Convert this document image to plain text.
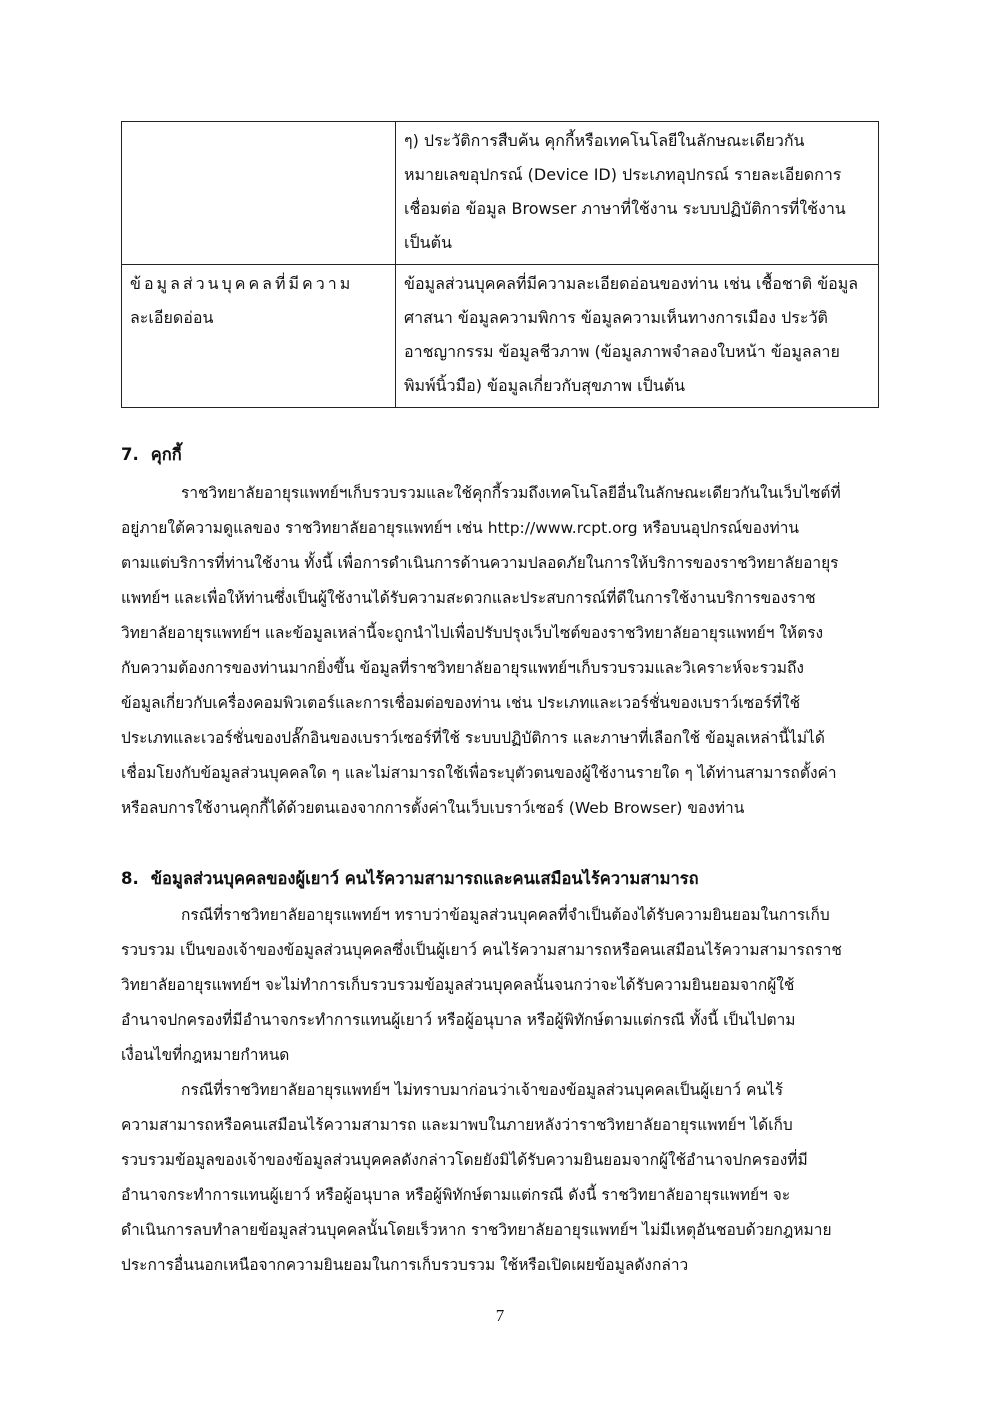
	ๆ) ประวัติการสืบค้น คุกกี้หรือเทคโนโลยีในลักษณะเดียวกัน
หมายเลขอุปกรณ์ (Device ID) ประเภทอุปกรณ์ รายละเอียดการ
เชื่อมต่อ ข้อมูล Browser ภาษาที่ใช้งาน ระบบปฏิบัติการที่ใช้งาน
เป็นต้น

ข้อมูลส่วนบุคคลที่มีความ
ละเอียดอ่อน	ข้อมูลส่วนบุคคลที่มีความละเอียดอ่อนของท่าน เช่น เชื้อชาติ ข้อมูล
ศาสนา ข้อมูลความพิการ ข้อมูลความเห็นทางการเมือง ประวัติ
อาชญากรรม ข้อมูลชีวภาพ (ข้อมูลภาพจำลองใบหน้า ข้อมูลลาย
พิมพ์นิ้วมือ) ข้อมูลเกี่ยวกับสุขภาพ เป็นต้น
7. คุกกี้
ราชวิทยาลัยอายุรแพทย์ฯเก็บรวบรวมและใช้คุกกี้รวมถึงเทคโนโลยีอื่นในลักษณะเดียวกันในเว็บไซต์ที่
อยู่ภายใต้ความดูแลของ ราชวิทยาลัยอายุรแพทย์ฯ เช่น http://www.rcpt.org หรือบนอุปกรณ์ของท่าน
ตามแต่บริการที่ท่านใช้งาน ทั้งนี้ เพื่อการดำเนินการด้านความปลอดภัยในการให้บริการของราชวิทยาลัยอายุร
แพทย์ฯ และเพื่อให้ท่านซึ่งเป็นผู้ใช้งานได้รับความสะดวกและประสบการณ์ที่ดีในการใช้งานบริการของราช
วิทยาลัยอายุรแพทย์ฯ และข้อมูลเหล่านี้จะถูกนำไปเพื่อปรับปรุงเว็บไซต์ของราชวิทยาลัยอายุรแพทย์ฯ ให้ตรง
กับความต้องการของท่านมากยิ่งขึ้น ข้อมูลที่ราชวิทยาลัยอายุรแพทย์ฯเก็บรวบรวมและวิเคราะห์จะรวมถึง
ข้อมูลเกี่ยวกับเครื่องคอมพิวเตอร์และการเชื่อมต่อของท่าน เช่น ประเภทและเวอร์ชั่นของเบราว์เซอร์ที่ใช้
ประเภทและเวอร์ชั่นของปลั๊กอินของเบราว์เซอร์ที่ใช้ ระบบปฏิบัติการ และภาษาที่เลือกใช้ ข้อมูลเหล่านี้ไม่ได้
เชื่อมโยงกับข้อมูลส่วนบุคคลใด ๆ และไม่สามารถใช้เพื่อระบุตัวตนของผู้ใช้งานรายใด ๆ ได้ท่านสามารถตั้งค่า
หรือลบการใช้งานคุกกี้ได้ด้วยตนเองจากการตั้งค่าในเว็บเบราว์เซอร์ (Web Browser) ของท่าน
8. ข้อมูลส่วนบุคคลของผู้เยาว์ คนไร้ความสามารถและคนเสมือนไร้ความสามารถ
กรณีที่ราชวิทยาลัยอายุรแพทย์ฯ ทราบว่าข้อมูลส่วนบุคคลที่จำเป็นต้องได้รับความยินยอมในการเก็บ
รวบรวม เป็นของเจ้าของข้อมูลส่วนบุคคลซึ่งเป็นผู้เยาว์ คนไร้ความสามารถหรือคนเสมือนไร้ความสามารถราช
วิทยาลัยอายุรแพทย์ฯ จะไม่ทำการเก็บรวบรวมข้อมูลส่วนบุคคลนั้นจนกว่าจะได้รับความยินยอมจากผู้ใช้
อำนาจปกครองที่มีอำนาจกระทำการแทนผู้เยาว์ หรือผู้อนุบาล หรือผู้พิทักษ์ตามแต่กรณี ทั้งนี้ เป็นไปตาม
เงื่อนไขที่กฎหมายกำหนด
กรณีที่ราชวิทยาลัยอายุรแพทย์ฯ ไม่ทราบมาก่อนว่าเจ้าของข้อมูลส่วนบุคคลเป็นผู้เยาว์ คนไร้
ความสามารถหรือคนเสมือนไร้ความสามารถ และมาพบในภายหลังว่าราชวิทยาลัยอายุรแพทย์ฯ ได้เก็บ
รวบรวมข้อมูลของเจ้าของข้อมูลส่วนบุคคลดังกล่าวโดยยังมิได้รับความยินยอมจากผู้ใช้อำนาจปกครองที่มี
อำนาจกระทำการแทนผู้เยาว์ หรือผู้อนุบาล หรือผู้พิทักษ์ตามแต่กรณี ดังนี้ ราชวิทยาลัยอายุรแพทย์ฯ จะ
ดำเนินการลบทำลายข้อมูลส่วนบุคคลนั้นโดยเร็วหาก ราชวิทยาลัยอายุรแพทย์ฯ ไม่มีเหตุอันชอบด้วยกฎหมาย
ประการอื่นนอกเหนือจากความยินยอมในการเก็บรวบรวม ใช้หรือเปิดเผยข้อมูลดังกล่าว
7
